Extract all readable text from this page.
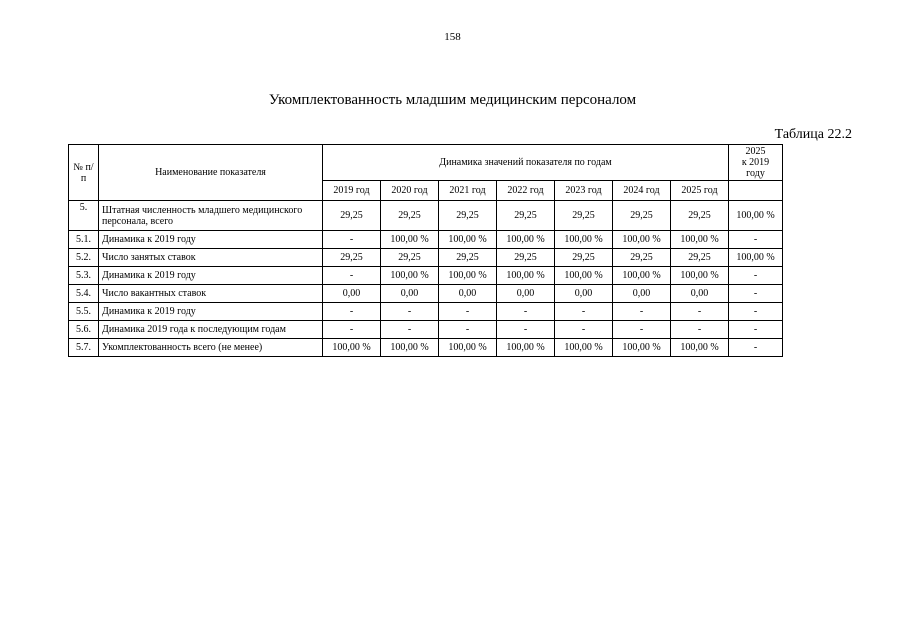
158
Укомплектованность младшим медицинским персоналом
Таблица 22.2
№ п/п	Наименование показателя	Динамика значений показателя по годам							2025
к 2019 году

		2019 год	2020 год	2021 год	2022 год	2023 год	2024 год	2025 год	
5.	Штатная численность младшего медицинского персонала, всего	29,25	29,25	29,25	29,25	29,25	29,25	29,25	100,00 %
5.1.	Динамика к 2019 году	-	100,00 %	100,00 %	100,00 %	100,00 %	100,00 %	100,00 %	-
5.2.	Число занятых ставок	29,25	29,25	29,25	29,25	29,25	29,25	29,25	100,00 %
5.3.	Динамика к 2019 году	-	100,00 %	100,00 %	100,00 %	100,00 %	100,00 %	100,00 %	-
5.4.	Число вакантных ставок	0,00	0,00	0,00	0,00	0,00	0,00	0,00	-
5.5.	Динамика к 2019 году	-	-	-	-	-	-	-	-
5.6.	Динамика 2019 года к последующим годам	-	-	-	-	-	-	-	-
5.7.	Укомплектованность всего (не менее)	100,00 %	100,00 %	100,00 %	100,00 %	100,00 %	100,00 %	100,00 %	-
